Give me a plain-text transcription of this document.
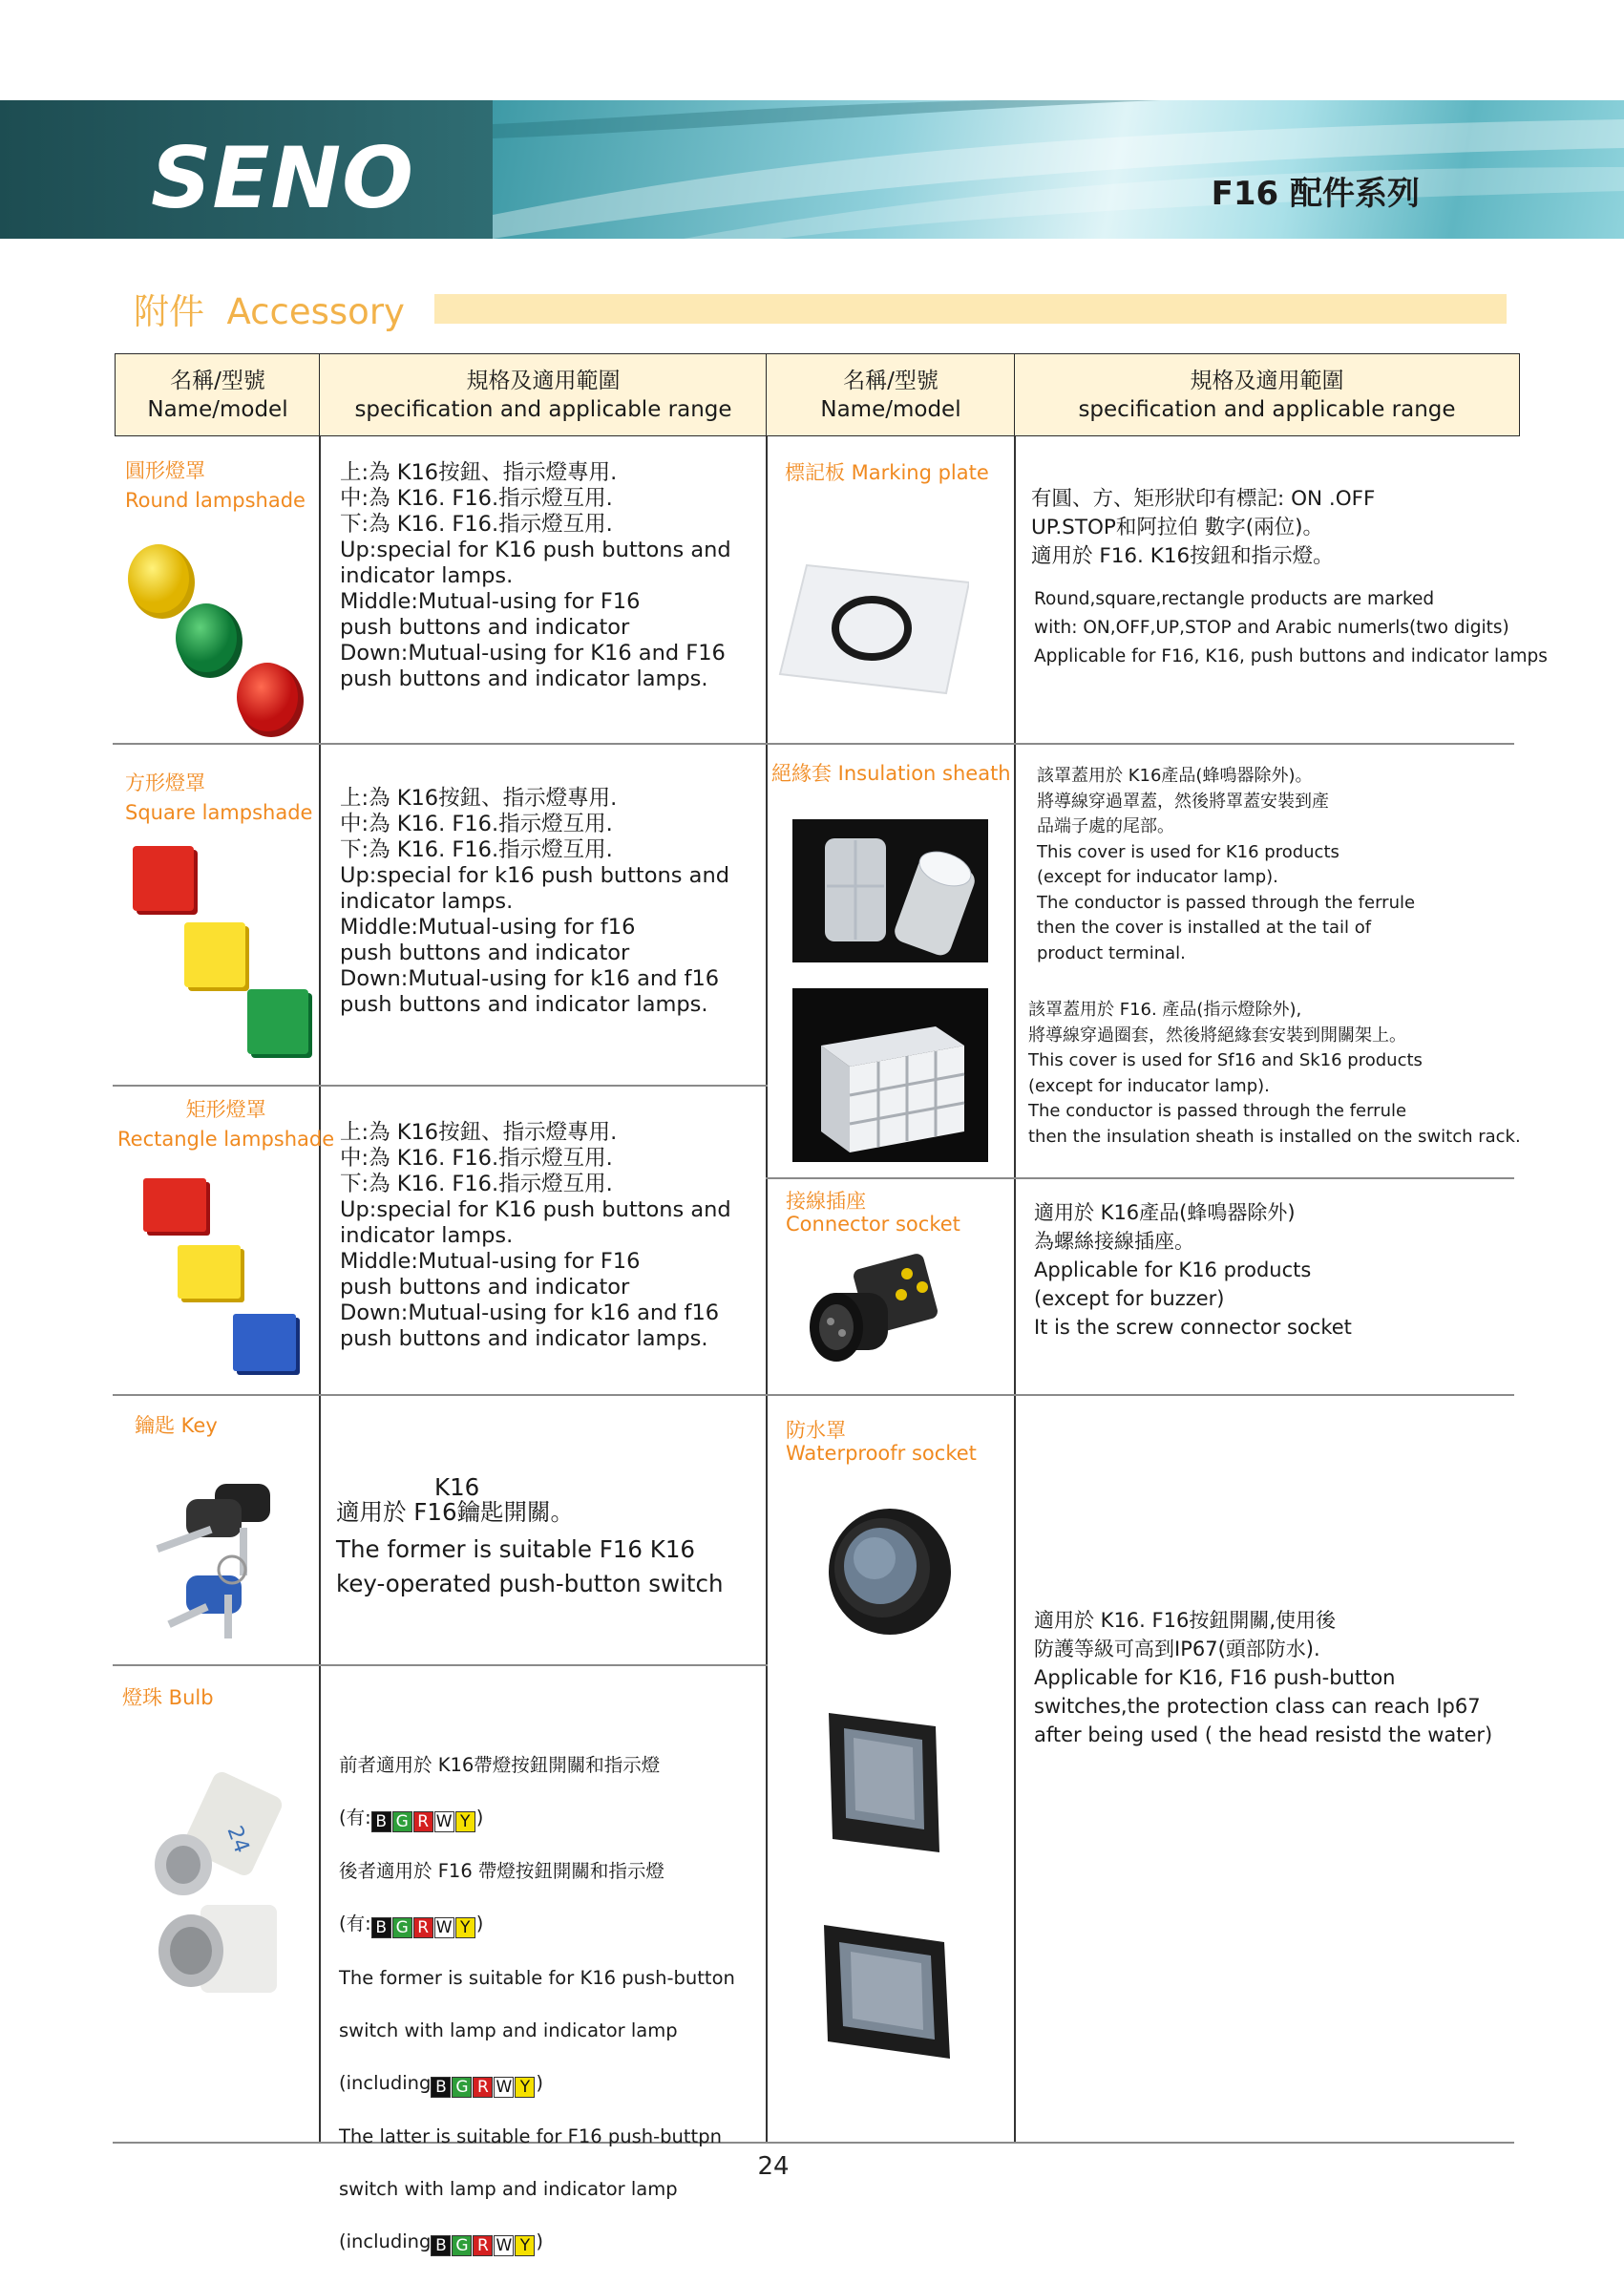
SENO	F16 配件系列
附件  Accessory
名稱/型號
Name/model
規格及適用範圍
specification and applicable range
名稱/型號
Name/model
規格及適用範圍
specification and applicable range
圓形燈罩
Round lampshade
上:為 K16按鈕、指示燈專用.
中:為 K16. F16.指示燈互用.
下:為 K16. F16.指示燈互用.
Up:special for K16 push buttons and
indicator lamps.
Middle:Mutual-using for F16
push buttons and indicator
Down:Mutual-using for K16 and F16
push buttons and indicator lamps.
方形燈罩
Square lampshade
上:為 K16按鈕、指示燈專用.
中:為 K16. F16.指示燈互用.
下:為 K16. F16.指示燈互用.
Up:special for k16 push buttons and
indicator lamps.
Middle:Mutual-using for f16
push buttons and indicator
Down:Mutual-using for k16 and f16
push buttons and indicator lamps.
矩形燈罩
Rectangle lampshade 上:為 K16按鈕、指示燈專用.
中:為 K16. F16.指示燈互用.
下:為 K16. F16.指示燈互用.
Up:special for K16 push buttons and
indicator lamps.
Middle:Mutual-using for F16
push buttons and indicator
Down:Mutual-using for k16 and f16
push buttons and indicator lamps.
鑰匙 Key
K16
適用於 F16鑰匙開關。
The former is suitable F16 K16
key-operated push-button switch
燈珠 Bulb
24

前者適用於 K16帶燈按鈕開關和指示燈

(有: B G R W Y )

後者適用於 F16 帶燈按鈕開關和指示燈

(有: B G R W Y )

The former is suitable for K16 push-button

switch with lamp and indicator lamp

(including B G R W Y )

The latter is suitable for F16 push-buttpn

switch with lamp and indicator lamp

(including B G R W Y )

標記板 Marking plate
有圓、方、矩形狀印有標記: ON .OFF
UP.STOP和阿拉伯 數字(兩位)。
適用於 F16. K16按鈕和指示燈。
Round,square,rectangle products are marked
with: ON,OFF,UP,STOP and Arabic numerls(two digits)
Applicable for F16, K16, push buttons and indicator lamps
絕緣套 Insulation sheath 該罩蓋用於 K16產品(蜂鳴器除外)。
將導線穿過罩蓋，然後將罩蓋安裝到產
品端子處的尾部。
This cover is used for K16 products
(except for inducator lamp).
The conductor is passed through the ferrule
then the cover is installed at the tail of
product terminal.
該罩蓋用於 F16. 產品(指示燈除外),
將導線穿過圈套，然後將絕緣套安裝到開關架上。
This cover is used for Sf16 and Sk16 products
(except for inducator lamp).
The conductor is passed through the ferrule
then the insulation sheath is installed on the switch rack.
接線插座
Connector socket	適用於 K16產品(蜂鳴器除外)
為螺絲接線插座。
Applicable for K16 products
(except for buzzer)
It is the screw connector socket
防水罩
Waterproofr socket
適用於 K16. F16按鈕開關,使用後
防護等級可高到IP67(頭部防水).
Applicable for K16, F16 push-button
switches,the protection class can reach Ip67
after being used ( the head resistd the water)
24
